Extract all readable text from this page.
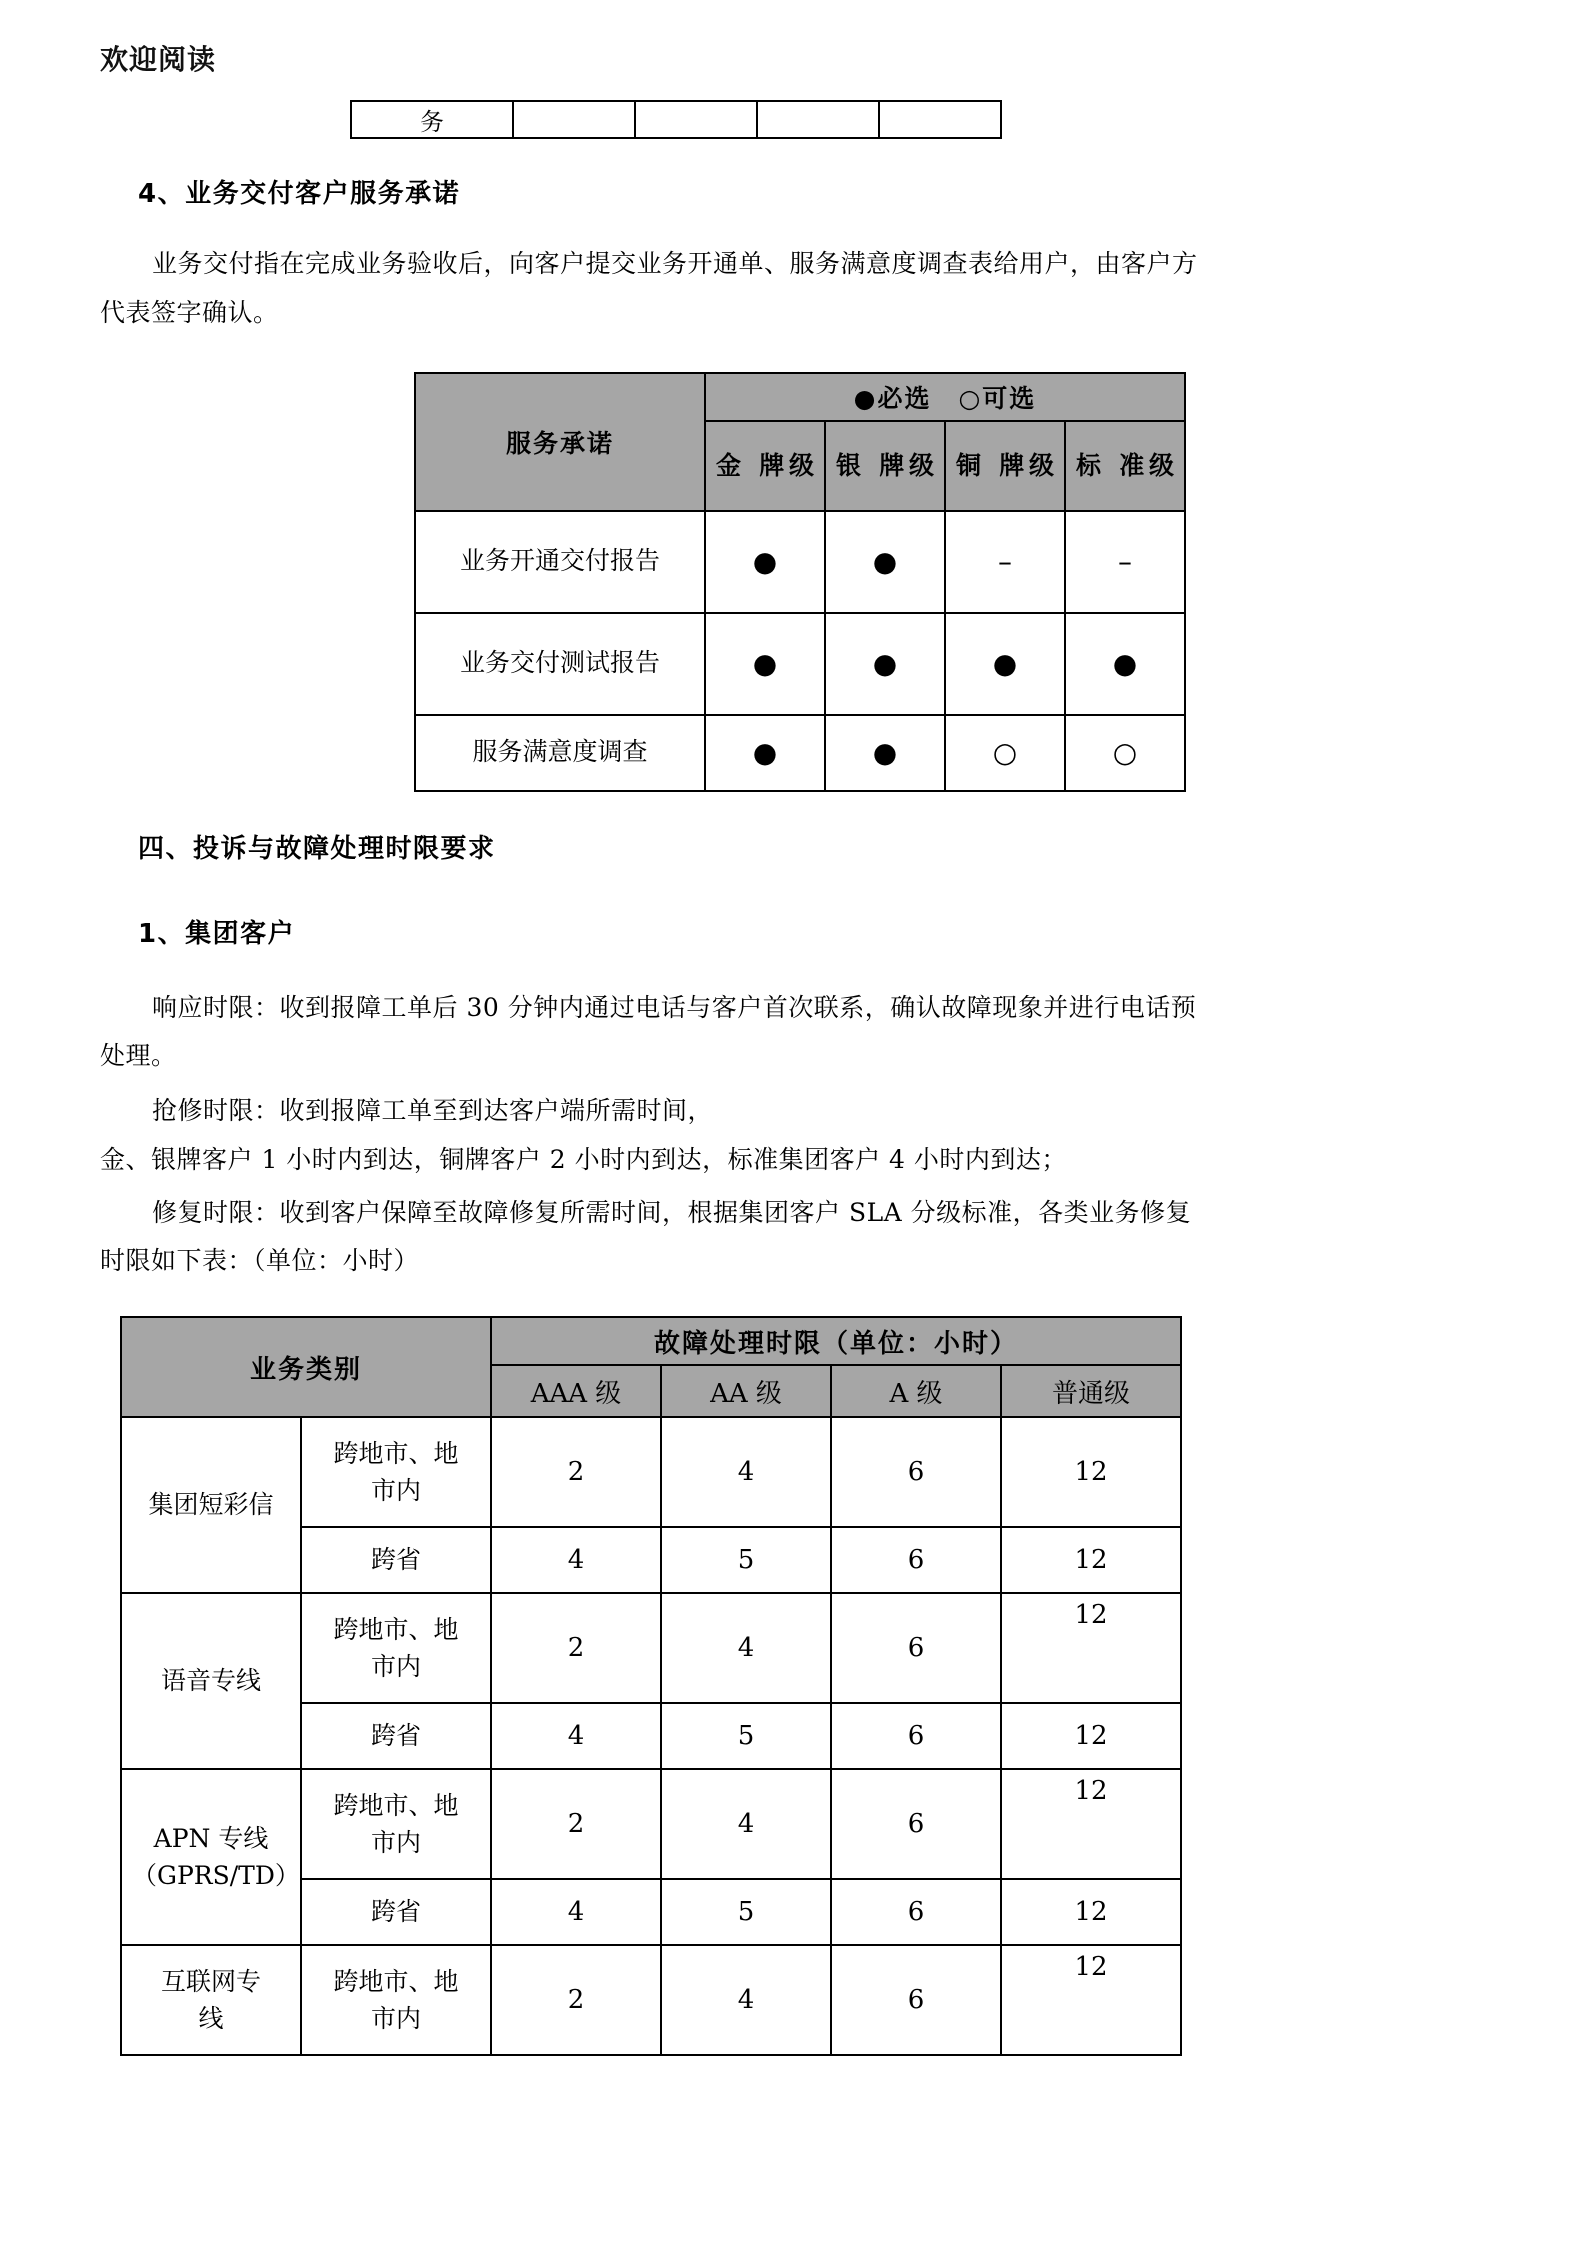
欢迎阅读
务				
4、业务交付客户服务承诺
业务交付指在完成业务验收后，向客户提交业务开通单、服务满意度调查表给用户，由客户方
代表签字确认。
服务承诺	●必选　○可选			
	金 牌级	银 牌级	铜 牌级	标 准级
业务开通交付报告	●	●	–	–
业务交付测试报告	●	●	●	●
服务满意度调查	●	●	○	○
四、投诉与故障处理时限要求
1、集团客户
响应时限：收到报障工单后 30 分钟内通过电话与客户首次联系，确认故障现象并进行电话预
处理。
抢修时限：收到报障工单至到达客户端所需时间，
金、银牌客户 1 小时内到达，铜牌客户 2 小时内到达，标准集团客户 4 小时内到达；
修复时限：收到客户保障至故障修复所需时间，根据集团客户 SLA 分级标准，各类业务修复
时限如下表：（单位：小时）
业务类别		故障处理时限（单位：小时）			
		AAA 级	AA 级	A 级	普通级
集团短彩信	跨地市、地
市内	2	4	6	12
	跨省	4	5	6	12
语音专线	跨地市、地
市内	2	4	6	12
	跨省	4	5	6	12
APN 专线
（GPRS/TD）	跨地市、地
市内	2	4	6	12
	跨省	4	5	6	12
互联网专
线	跨地市、地
市内	2	4	6	12
